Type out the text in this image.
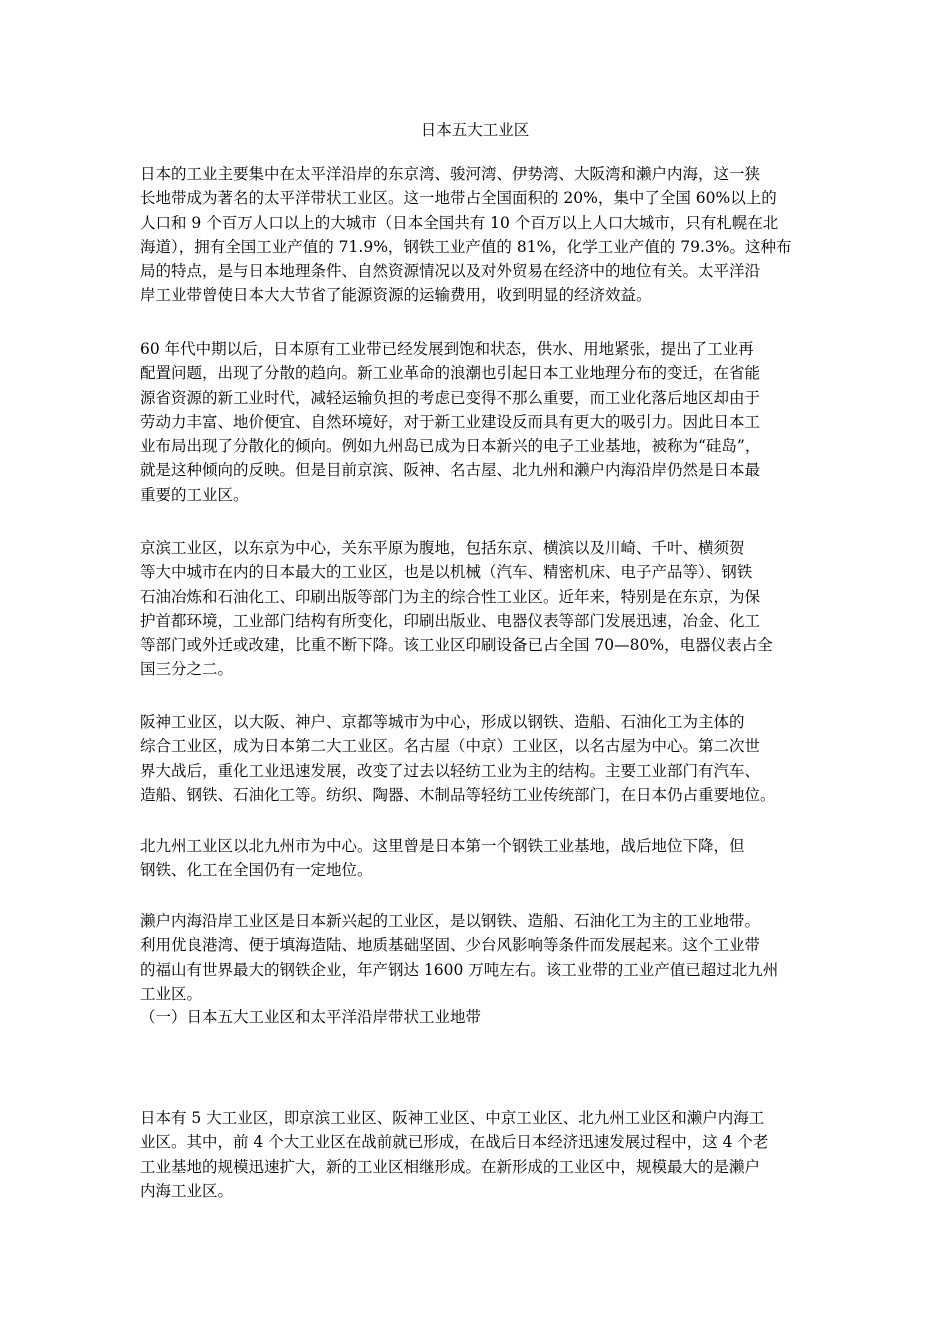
日本五大工业区
日本的工业主要集中在太平洋沿岸的东京湾、骏河湾、伊势湾、大阪湾和濑户内海，这一狭
长地带成为著名的太平洋带状工业区。这一地带占全国面积的 20%，集中了全国 60%以上的
人口和 9 个百万人口以上的大城市（日本全国共有 10 个百万以上人口大城市，只有札幌在北
海道），拥有全国工业产值的 71.9%，钢铁工业产值的 81%，化学工业产值的 79.3%。这种布
局的特点，是与日本地理条件、自然资源情况以及对外贸易在经济中的地位有关。太平洋沿
岸工业带曾使日本大大节省了能源资源的运输费用，收到明显的经济效益。
60 年代中期以后，日本原有工业带已经发展到饱和状态，供水、用地紧张，提出了工业再
配置问题，出现了分散的趋向。新工业革命的浪潮也引起日本工业地理分布的变迁，在省能
源省资源的新工业时代，减轻运输负担的考虑已变得不那么重要，而工业化落后地区却由于
劳动力丰富、地价便宜、自然环境好，对于新工业建设反而具有更大的吸引力。因此日本工
业布局出现了分散化的倾向。例如九州岛已成为日本新兴的电子工业基地，被称为“硅岛”，
就是这种倾向的反映。但是目前京滨、阪神、名古屋、北九州和濑户内海沿岸仍然是日本最
重要的工业区。
京滨工业区，以东京为中心，关东平原为腹地，包括东京、横滨以及川崎、千叶、横须贺
等大中城市在内的日本最大的工业区，也是以机械（汽车、精密机床、电子产品等）、钢铁
石油冶炼和石油化工、印刷出版等部门为主的综合性工业区。近年来，特别是在东京，为保
护首都环境，工业部门结构有所变化，印刷出版业、电器仪表等部门发展迅速，冶金、化工
等部门或外迁或改建，比重不断下降。该工业区印刷设备已占全国 70—80%，电器仪表占全
国三分之二。
阪神工业区，以大阪、神户、京都等城市为中心，形成以钢铁、造船、石油化工为主体的
综合工业区，成为日本第二大工业区。名古屋（中京）工业区，以名古屋为中心。第二次世
界大战后，重化工业迅速发展，改变了过去以轻纺工业为主的结构。主要工业部门有汽车、
造船、钢铁、石油化工等。纺织、陶器、木制品等轻纺工业传统部门，在日本仍占重要地位。
北九州工业区以北九州市为中心。这里曾是日本第一个钢铁工业基地，战后地位下降，但
钢铁、化工在全国仍有一定地位。
濑户内海沿岸工业区是日本新兴起的工业区，是以钢铁、造船、石油化工为主的工业地带。
利用优良港湾、便于填海造陆、地质基础坚固、少台风影响等条件而发展起来。这个工业带
的福山有世界最大的钢铁企业，年产钢达 1600 万吨左右。该工业带的工业产值已超过北九州
工业区。
（一）日本五大工业区和太平洋沿岸带状工业地带
日本有 5 大工业区，即京滨工业区、阪神工业区、中京工业区、北九州工业区和濑户内海工
业区。其中，前 4 个大工业区在战前就已形成，在战后日本经济迅速发展过程中，这 4 个老
工业基地的规模迅速扩大，新的工业区相继形成。在新形成的工业区中，规模最大的是濑户
内海工业区。
